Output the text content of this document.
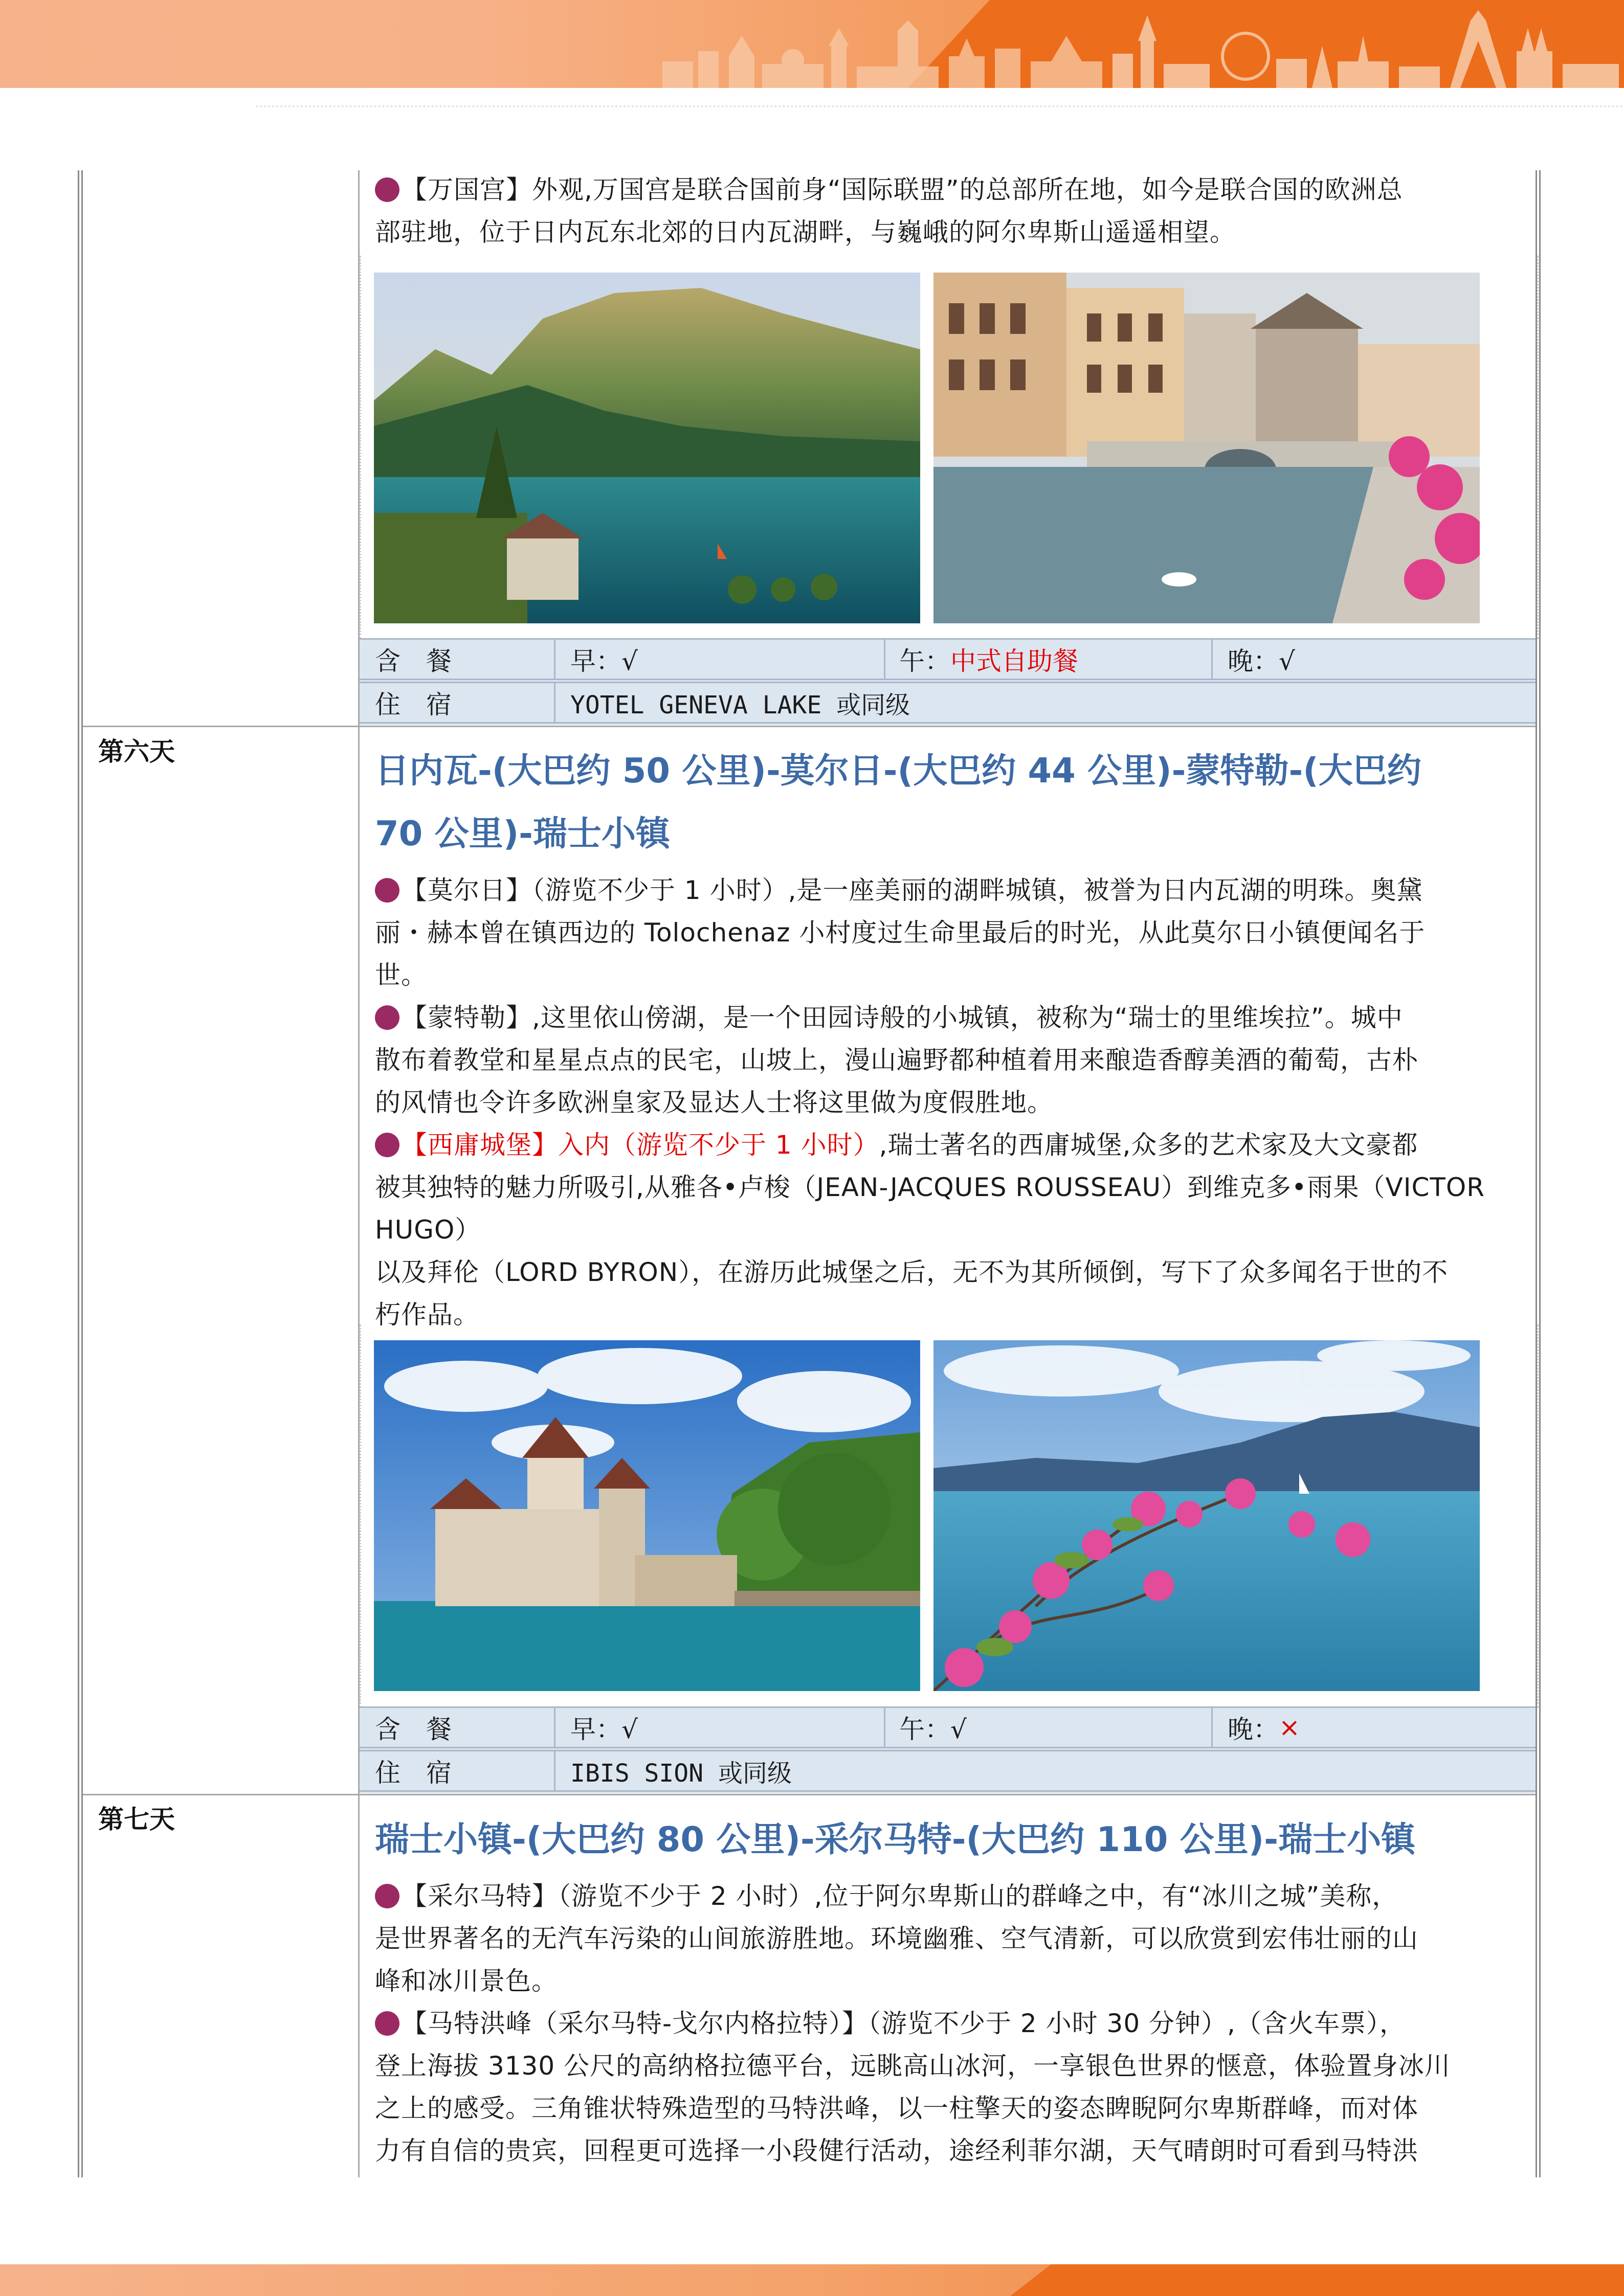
【万国宫】外观,万国宫是联合国前身“国际联盟”的总部所在地，如今是联合国的欧洲总
部驻地，位于日内瓦东北郊的日内瓦湖畔，与巍峨的阿尔卑斯山遥遥相望。

含　餐	早：√	午： 中式自助餐	晚：√
住　宿	YOTEL GENEVA LAKE 或同级
第六天	日内瓦-(大巴约 50 公里)-莫尔日-(大巴约 44 公里)-蒙特勒-(大巴约

70 公里)-瑞士小镇

【莫尔日】（游览不少于 1 小时）,是一座美丽的湖畔城镇，被誉为日内瓦湖的明珠。奥黛
丽・赫本曾在镇西边的 Tolochenaz 小村度过生命里最后的时光，从此莫尔日小镇便闻名于
世。

【蒙特勒】,这里依山傍湖，是一个田园诗般的小城镇，被称为“瑞士的里维埃拉”。城中
散布着教堂和星星点点的民宅，山坡上，漫山遍野都种植着用来酿造香醇美酒的葡萄，古朴
的风情也令许多欧洲皇家及显达人士将这里做为度假胜地。

【西庸城堡】入内（游览不少于 1 小时）,瑞士著名的西庸城堡,众多的艺术家及大文豪都
被其独特的魅力所吸引,从雅各•卢梭（JEAN-JACQUES ROUSSEAU）到维克多•雨果（VICTOR HUGO）
以及拜伦（LORD BYRON），在游历此城堡之后，无不为其所倾倒，写下了众多闻名于世的不
朽作品。

含　餐	早：√	午：√	晚： ×
住　宿	IBIS SION 或同级
第七天	瑞士小镇-(大巴约 80 公里)-采尔马特-(大巴约 110 公里)-瑞士小镇

【采尔马特】（游览不少于 2 小时）,位于阿尔卑斯山的群峰之中，有“冰川之城”美称，
是世界著名的无汽车污染的山间旅游胜地。环境幽雅、空气清新，可以欣赏到宏伟壮丽的山
峰和冰川景色。

【马特洪峰（采尔马特-戈尔内格拉特）】（游览不少于 2 小时 30 分钟）,（含火车票），
登上海拔 3130 公尺的高纳格拉德平台，远眺高山冰河，一享银色世界的惬意，体验置身冰川
之上的感受。三角锥状特殊造型的马特洪峰，以一柱擎天的姿态睥睨阿尔卑斯群峰，而对体
力有自信的贵宾，回程更可选择一小段健行活动，途经利菲尔湖，天气晴朗时可看到马特洪
